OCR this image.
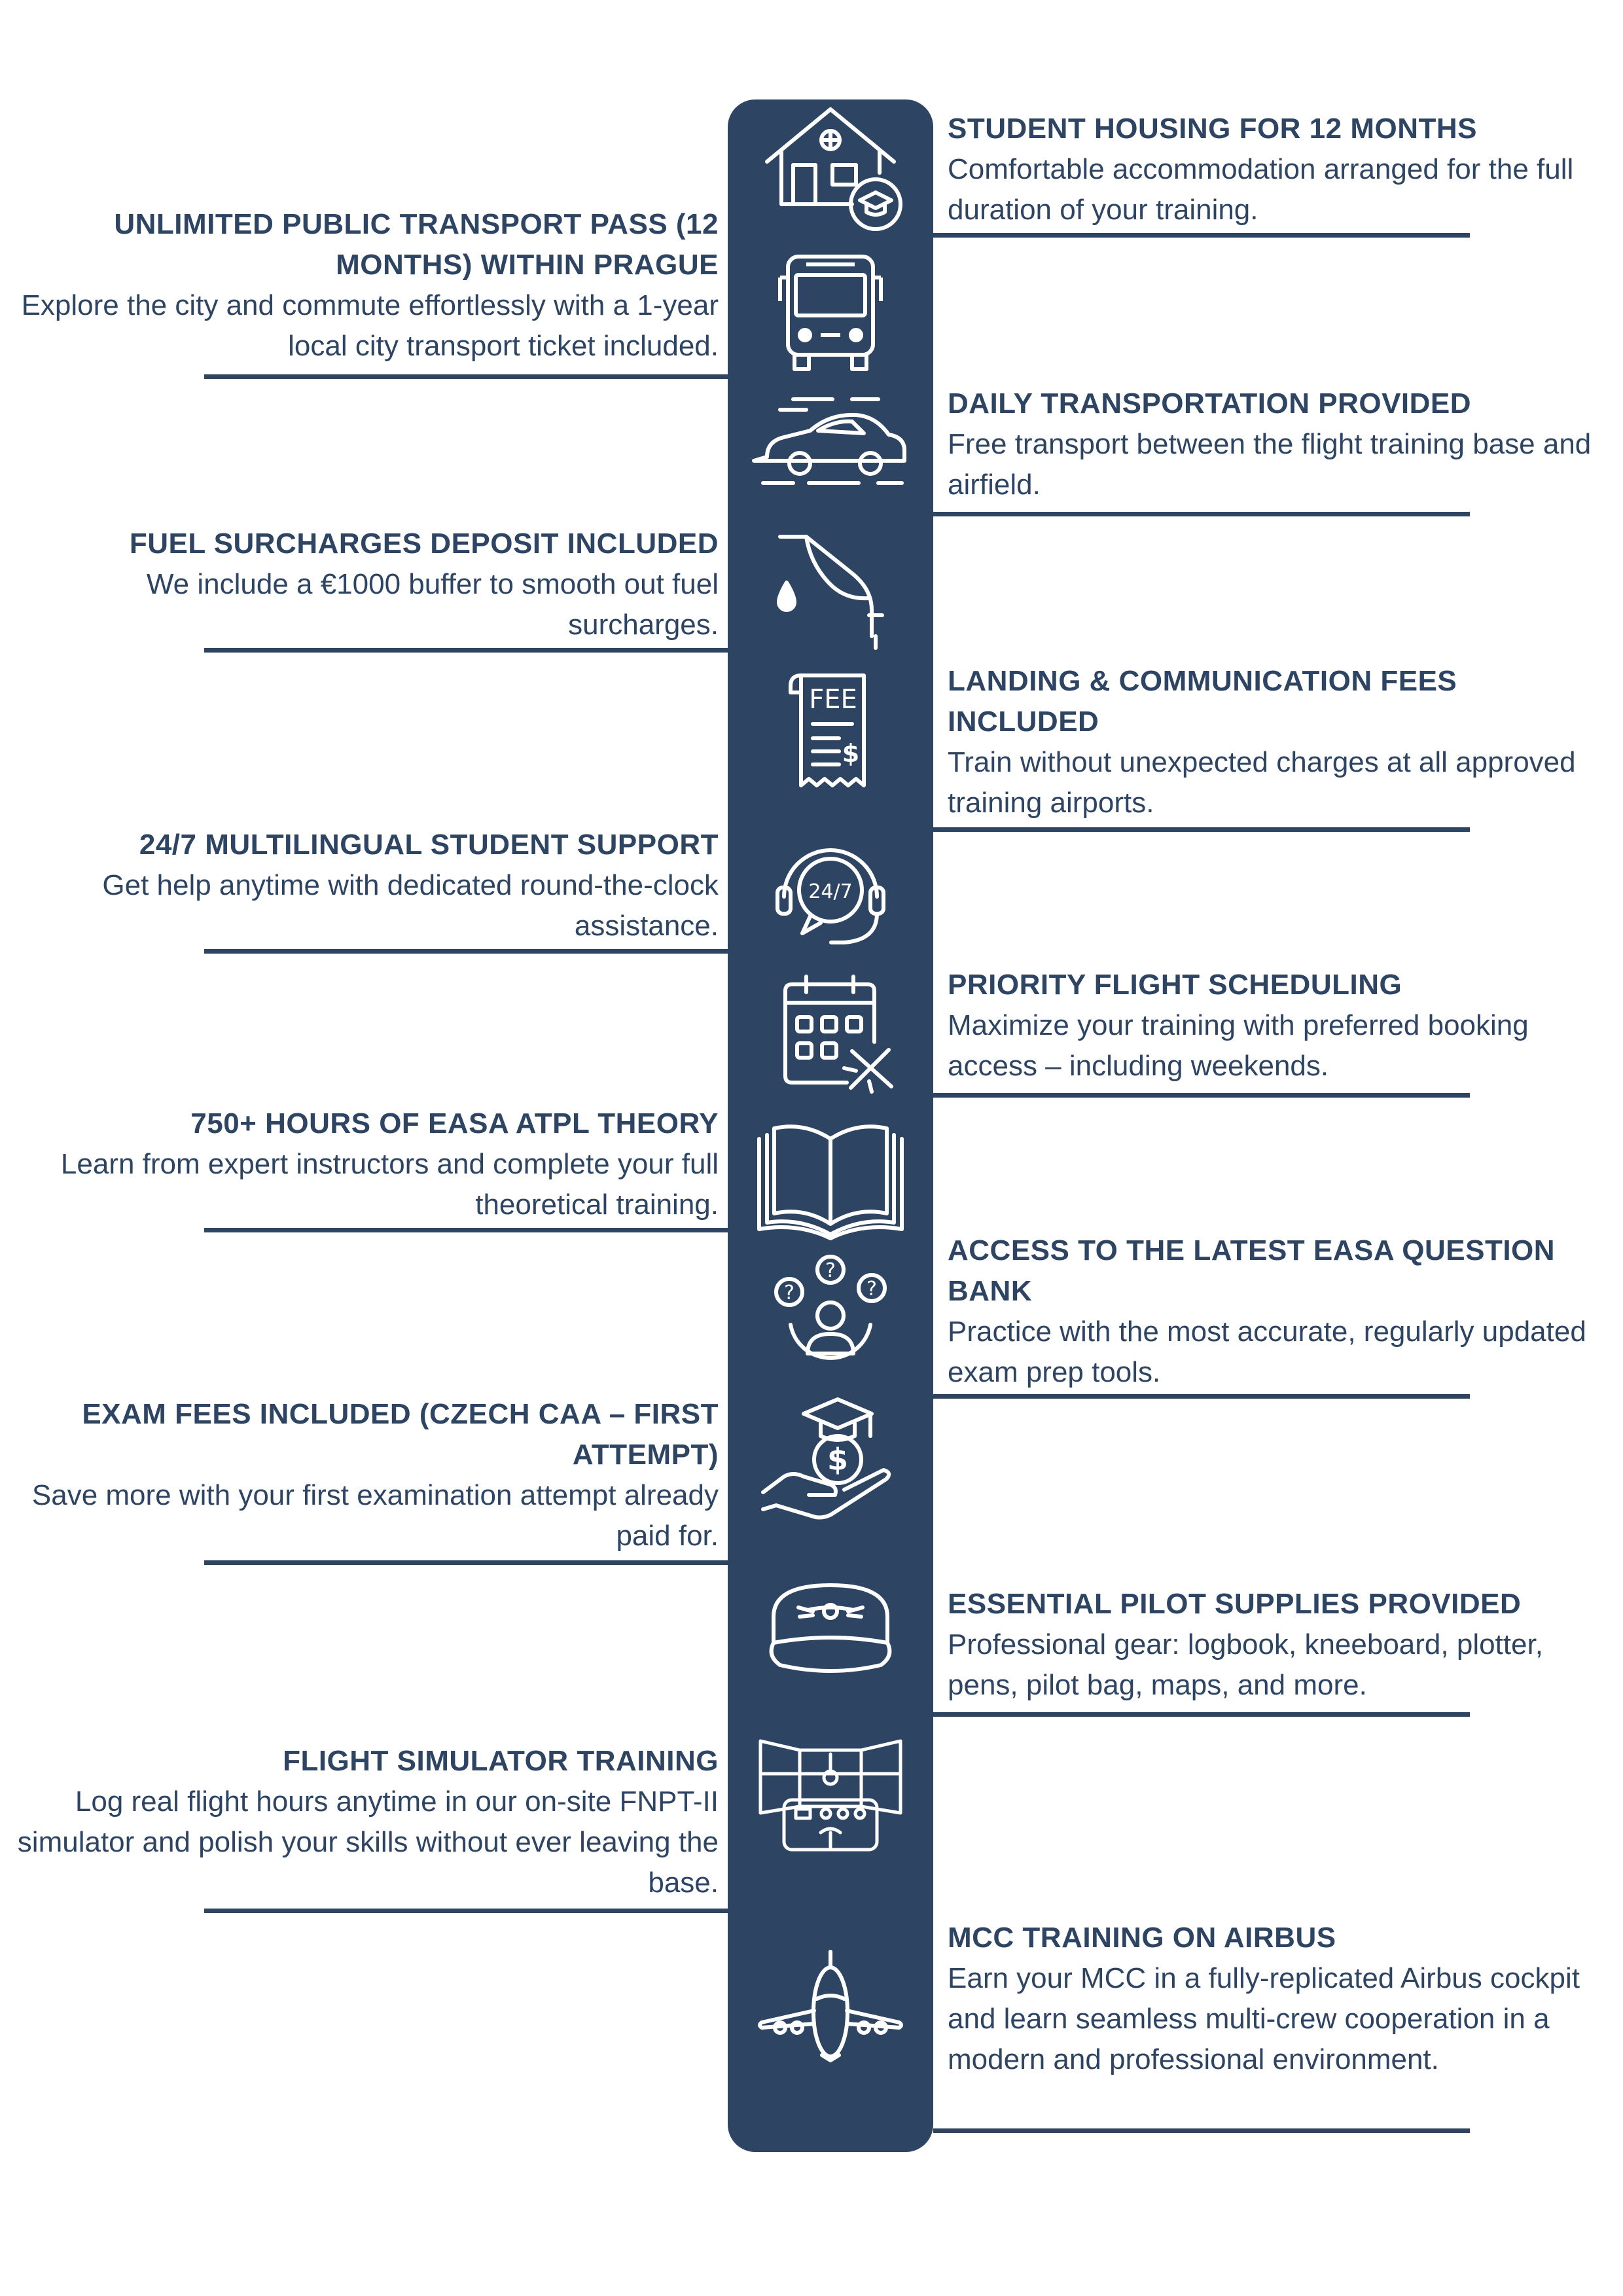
FEE
$
24/7
?
?	?
$
STUDENT HOUSING FOR 12 MONTHS

Comfortable accommodation arranged for the full duration of your training.

UNLIMITED PUBLIC TRANSPORT PASS (12 MONTHS) WITHIN PRAGUE

Explore the city and commute effortlessly with a 1-year local city transport ticket included.

DAILY TRANSPORTATION PROVIDED

Free transport between the flight training base and airfield.

FUEL SURCHARGES DEPOSIT INCLUDED

We include a €1000 buffer to smooth out fuel surcharges.

LANDING & COMMUNICATION FEES INCLUDED

Train without unexpected charges at all approved training airports.

24/7 MULTILINGUAL STUDENT SUPPORT

Get help anytime with dedicated round-the-clock assistance.

PRIORITY FLIGHT SCHEDULING

Maximize your training with preferred booking access – including weekends.

750+ HOURS OF EASA ATPL THEORY

Learn from expert instructors and complete your full theoretical training.

ACCESS TO THE LATEST EASA QUESTION BANK

Practice with the most accurate, regularly updated exam prep tools.

EXAM FEES INCLUDED (CZECH CAA – FIRST ATTEMPT)

Save more with your first examination attempt already paid for.

ESSENTIAL PILOT SUPPLIES PROVIDED

Professional gear: logbook, kneeboard, plotter, pens, pilot bag, maps, and more.

FLIGHT SIMULATOR TRAINING

Log real flight hours anytime in our on-site FNPT-II simulator and polish your skills without ever leaving the base.

MCC TRAINING ON AIRBUS

Earn your MCC in a fully-replicated Airbus cockpit and learn seamless multi-crew cooperation in a modern and professional environment.
